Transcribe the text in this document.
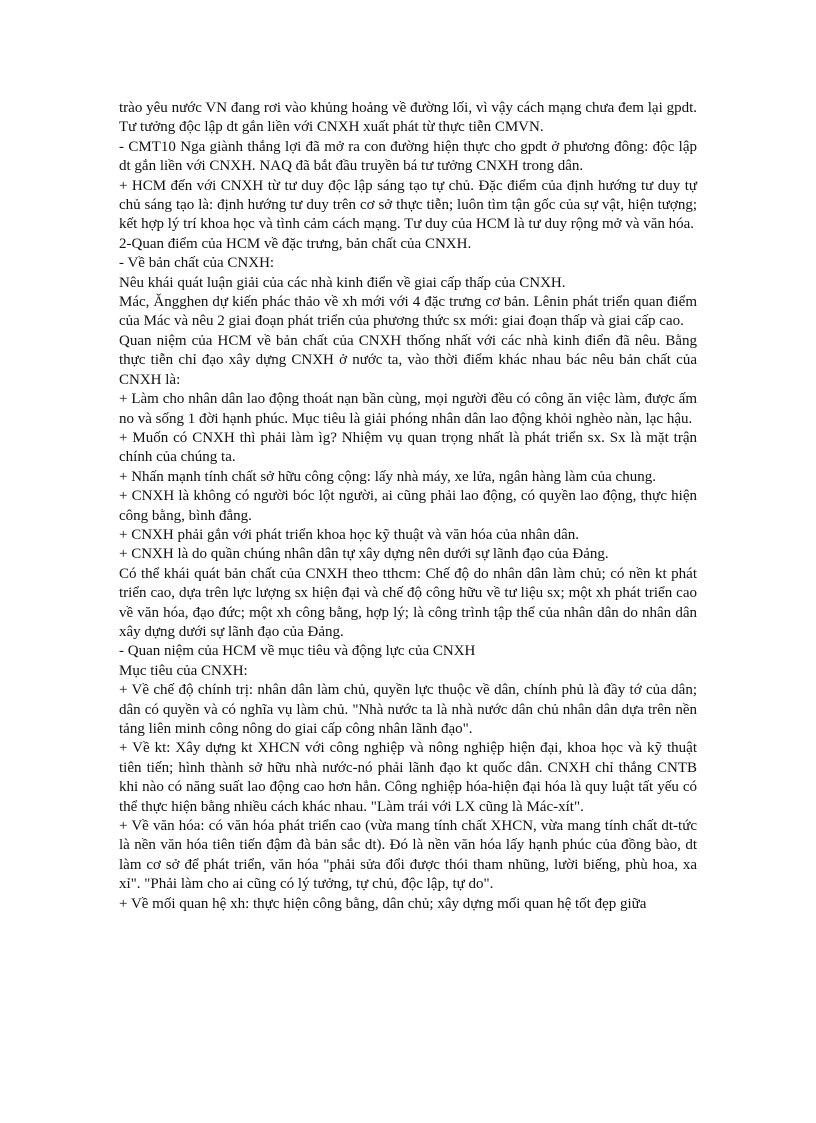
trào yêu nước VN đang rơi vào khủng hoảng về đường lối, vì vậy cách mạng chưa đem lại gpdt. Tư tưởng độc lập dt gắn liền với CNXH xuất phát từ thực tiễn CMVN.

- CMT10 Nga giành thắng lợi đã mở ra con đường hiện thực cho gpdt ở phương đông: độc lập dt gắn liền với CNXH. NAQ đã bắt đầu truyền bá tư tưởng CNXH trong dân.

+ HCM đến với CNXH từ tư duy độc lập sáng tạo tự chủ. Đặc điểm của định hướng tư duy tự chủ sáng tạo là: định hướng tư duy trên cơ sở thực tiễn; luôn tìm tận gốc của sự vật, hiện tượng; kết hợp lý trí khoa học và tình cảm cách mạng. Tư duy của HCM là tư duy rộng mở và văn hóa.

2-Quan điểm của HCM về đặc trưng, bản chất của CNXH.

- Về bản chất của CNXH:

Nêu khái quát luận giải của các nhà kinh điển về giai cấp thấp của CNXH.

Mác, Ăngghen dự kiến phác thảo về xh mới với 4 đặc trưng cơ bản. Lênin phát triển quan điểm của Mác và nêu 2 giai đoạn phát triển của phương thức sx mới: giai đoạn thấp và giai cấp cao.

Quan niệm của HCM về bản chất của CNXH thống nhất với các nhà kinh điển đã nêu. Bằng thực tiễn chỉ đạo xây dựng CNXH ở nước ta, vào thời điểm khác nhau bác nêu bản chất của CNXH là:

+ Làm cho nhân dân lao động thoát nạn bần cùng, mọi người đều có công ăn việc làm, được ấm no và sống 1 đời hạnh phúc. Mục tiêu là giải phóng nhân dân lao động khỏi nghèo nàn, lạc hậu.

+ Muốn có CNXH thì phải làm ìg? Nhiệm vụ quan trọng nhất là phát triển sx. Sx là mặt trận chính của chúng ta.

+ Nhấn mạnh tính chất sở hữu công cộng: lấy nhà máy, xe lửa, ngân hàng làm của chung.

+ CNXH là không có người bóc lột người, ai cũng phải lao động, có quyền lao động, thực hiện công bằng, bình đẳng.

+ CNXH phải gắn với phát triển khoa học kỹ thuật và văn hóa của nhân dân.

+ CNXH là do quần chúng nhân dân tự xây dựng nên dưới sự lãnh đạo của Đảng.

Có thể khái quát bản chất của CNXH theo tthcm: Chế độ do nhân dân làm chủ; có nền kt phát triển cao, dựa trên lực lượng sx hiện đại và chế độ công hữu về tư liệu sx; một xh phát triển cao về văn hóa, đạo đức; một xh công bằng, hợp lý; là công trình tập thể của nhân dân do nhân dân xây dựng dưới sự lãnh đạo của Đảng.

- Quan niệm của HCM về mục tiêu và động lực của CNXH

Mục tiêu của CNXH:

+ Về chế độ chính trị: nhân dân làm chủ, quyền lực thuộc về dân, chính phủ là đầy tớ của dân; dân có quyền và có nghĩa vụ làm chủ. "Nhà nước ta là nhà nước dân chủ nhân dân dựa trên nền tảng liên minh công nông do giai cấp công nhân lãnh đạo".

+ Về kt: Xây dựng kt XHCN với công nghiệp và nông nghiệp hiện đại, khoa học và kỹ thuật tiên tiến; hình thành sở hữu nhà nước-nó phải lãnh đạo kt quốc dân. CNXH chỉ thắng CNTB khi nào có năng suất lao động cao hơn hẳn. Công nghiệp hóa-hiện đại hóa là quy luật tất yếu có thể thực hiện bằng nhiều cách khác nhau. "Làm trái với LX cũng là Mác-xít".

+ Về văn hóa: có văn hóa phát triển cao (vừa mang tính chất XHCN, vừa mang tính chất dt-tức là nền văn hóa tiên tiến đậm đà bản sắc dt). Đó là nền văn hóa lấy hạnh phúc của đồng bào, dt làm cơ sở để phát triển, văn hóa "phải sửa đổi được thói tham nhũng, lười biếng, phù hoa, xa xỉ". "Phải làm cho ai cũng có lý tưởng, tự chủ, độc lập, tự do".

+ Về mối quan hệ xh: thực hiện công bằng, dân chủ; xây dựng mối quan hệ tốt đẹp giữa
